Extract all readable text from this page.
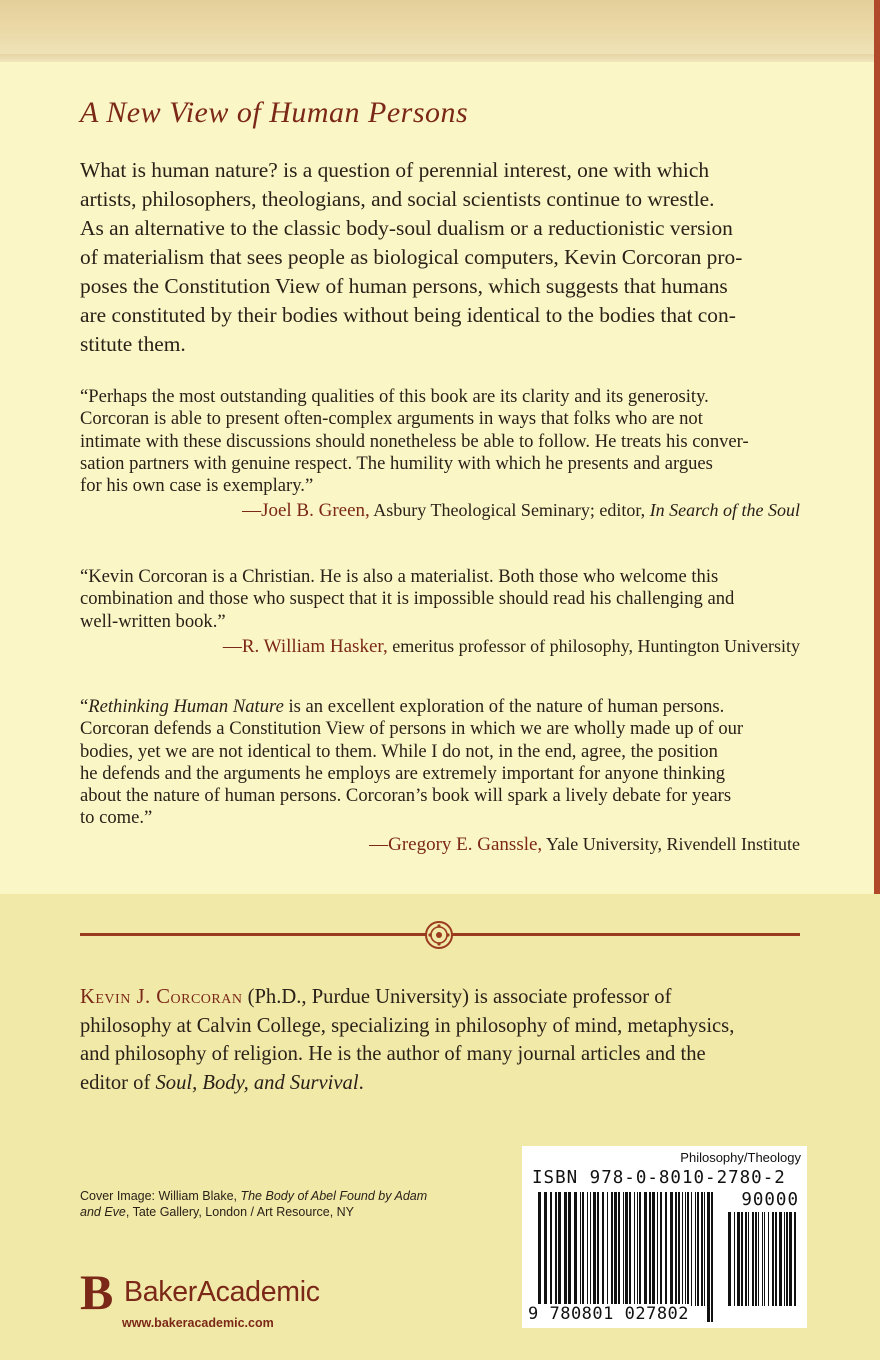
A New View of Human Persons
What is human nature? is a question of perennial interest, one with which
artists, philosophers, theologians, and social scientists continue to wrestle.
As an alternative to the classic body-soul dualism or a reductionistic version
of materialism that sees people as biological computers, Kevin Corcoran pro-
poses the Constitution View of human persons, which suggests that humans
are constituted by their bodies without being identical to the bodies that con-
stitute them.
“Perhaps the most outstanding qualities of this book are its clarity and its generosity.
Corcoran is able to present often-complex arguments in ways that folks who are not
intimate with these discussions should nonetheless be able to follow. He treats his conver-
sation partners with genuine respect. The humility with which he presents and argues
for his own case is exemplary.”
—Joel B. Green, Asbury Theological Seminary; editor, In Search of the Soul
“Kevin Corcoran is a Christian. He is also a materialist. Both those who welcome this
combination and those who suspect that it is impossible should read his challenging and
well-written book.”
—R. William Hasker, emeritus professor of philosophy, Huntington University
“Rethinking Human Nature is an excellent exploration of the nature of human persons.
Corcoran defends a Constitution View of persons in which we are wholly made up of our
bodies, yet we are not identical to them. While I do not, in the end, agree, the position
he defends and the arguments he employs are extremely important for anyone thinking
about the nature of human persons. Corcoran’s book will spark a lively debate for years
to come.”
—Gregory E. Ganssle, Yale University, Rivendell Institute
Kevin J. Corcoran (Ph.D., Purdue University) is associate professor of
philosophy at Calvin College, specializing in philosophy of mind, metaphysics,
and philosophy of religion. He is the author of many journal articles and the
editor of Soul, Body, and Survival.
Cover Image: William Blake, The Body of Abel Found by Adam and Eve, Tate Gallery, London / Art Resource, NY
B BakerAcademic
www.bakeracademic.com
Philosophy/Theology
ISBN 978-0-8010-2780-2
90000
9 780801 027802
